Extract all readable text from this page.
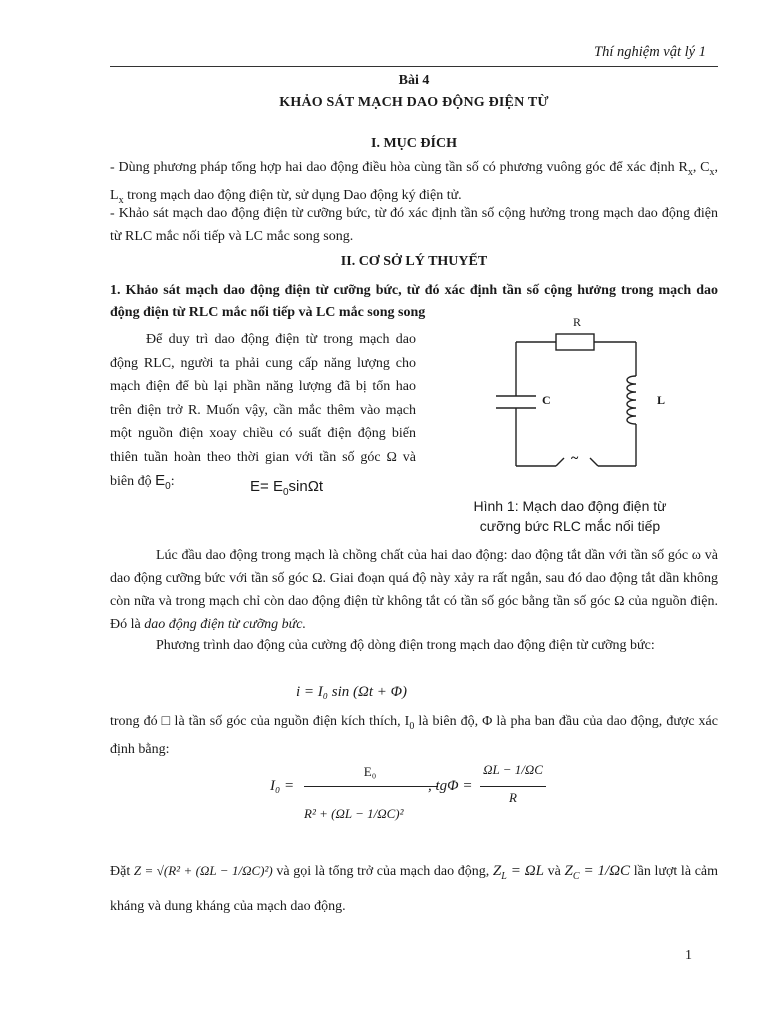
Thí nghiệm vật lý 1
Bài 4
KHẢO SÁT MẠCH DAO ĐỘNG ĐIỆN TỪ
I. MỤC ĐÍCH
- Dùng phương pháp tổng hợp hai dao động điều hòa cùng tần số có phương vuông góc để xác định $R_x$, $C_x$, $L_x$ trong mạch dao động điện từ, sử dụng Dao động ký điện tử.
- Khảo sát mạch dao động điện từ cưỡng bức, từ đó xác định tần số cộng hưởng trong mạch dao động điện từ RLC mắc nối tiếp và LC mắc song song.
II. CƠ SỞ LÝ THUYẾT
1. Khảo sát mạch dao động điện từ cưỡng bức, từ đó xác định tần số cộng hưởng trong mạch dao động điện từ RLC mắc nối tiếp và LC mắc song song
Để duy trì dao động điện từ trong mạch dao động RLC, người ta phải cung cấp năng lượng cho mạch điện để bù lại phần năng lượng đã bị tổn hao trên điện trở R. Muốn vậy, cần mắc thêm vào mạch một nguồn điện xoay chiều có suất điện động biến thiên tuần hoàn theo thời gian với tần số góc Ω và biên độ $E_0$:	$E= E_0\sin\Omega t$
R
C	L
~
Hình 1: Mạch dao động điện từ
cưỡng bức RLC mắc nối tiếp
Lúc đầu dao động trong mạch là chồng chất của hai dao động: dao động tắt dần với tần số góc ω và dao động cưỡng bức với tần số góc Ω. Giai đoạn quá độ này xảy ra rất ngắn, sau đó dao động tắt dần không còn nữa và trong mạch chỉ còn dao động điện từ không tắt có tần số góc bằng tần số góc Ω của nguồn điện. Đó là dao động điện từ cưỡng bức.
Phương trình dao động của cường độ dòng điện trong mạch dao động điện từ cưỡng bức:
i = I₀ sin (Ωt + Φ)
trong đó □ là tần số góc của nguồn điện kích thích, $I_0$ là biên độ, Φ là pha ban đầu của dao động, được xác định bằng:
I₀ =
E₀
R² + (ΩL − 1/ΩC)²
, tgΦ =
ΩL − 1/ΩC
R
Đặt Z = √(R² + (ΩL − 1/ΩC)²) và gọi là tổng trở của mạch dao động, $Z_L = \Omega L$ và $Z_C = 1/\Omega C$ lần lượt là cảm kháng và dung kháng của mạch dao động.
1
